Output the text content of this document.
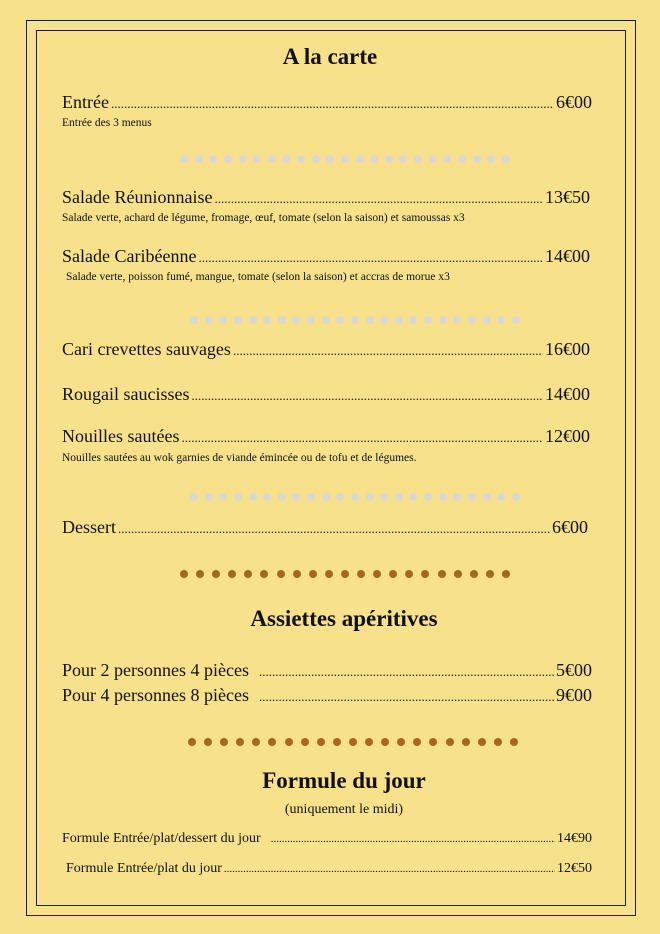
A la carte
Entrée .....	6€00
Entrée des 3 menus
Salade Réunionnaise .....	13€50
Salade verte, achard de légume, fromage, œuf, tomate (selon la saison) et samoussas x3
Salade Caribéenne .....	14€00
Salade verte, poisson fumé, mangue, tomate (selon la saison) et accras de morue x3
Cari crevettes sauvages .....	16€00
Rougail saucisses .....	14€00
Nouilles sautées .....	12€00
Nouilles sautées au wok garnies de viande émincée ou de tofu et de légumes.
Dessert .....	6€00
Assiettes apéritives
Pour 2 personnes 4 pièces .....	5€00
Pour 4 personnes 8 pièces .....	9€00
Formule du jour
(uniquement le midi)
Formule Entrée/plat/dessert du jour .....	14€90
Formule Entrée/plat du jour .....	12€50
